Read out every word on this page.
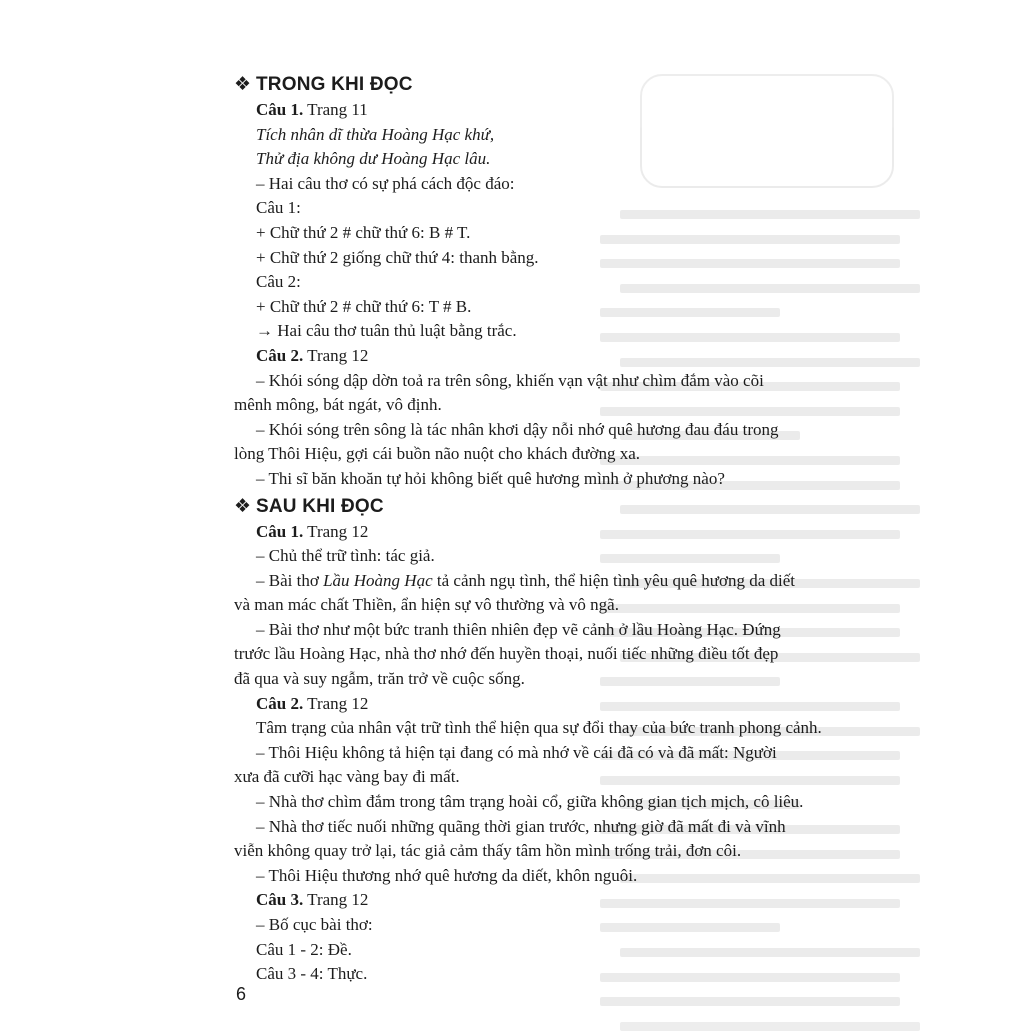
❖ TRONG KHI ĐỌC
Câu 1. Trang 11
Tích nhân dĩ thừa Hoàng Hạc khứ,
Thử địa không dư Hoàng Hạc lâu.
– Hai câu thơ có sự phá cách độc đáo:
Câu 1:
+ Chữ thứ 2 # chữ thứ 6: B # T.
+ Chữ thứ 2 giống chữ thứ 4: thanh bằng.
Câu 2:
+ Chữ thứ 2 # chữ thứ 6: T # B.
→ Hai câu thơ tuân thủ luật bằng trắc.
Câu 2. Trang 12
– Khói sóng dập dờn toả ra trên sông, khiến vạn vật như chìm đắm vào cõi
mênh mông, bát ngát, vô định.
– Khói sóng trên sông là tác nhân khơi dậy nỗi nhớ quê hương đau đáu trong
lòng Thôi Hiệu, gợi cái buồn não nuột cho khách đường xa.
– Thi sĩ băn khoăn tự hỏi không biết quê hương mình ở phương nào?
❖ SAU KHI ĐỌC
Câu 1. Trang 12
– Chủ thể trữ tình: tác giả.
– Bài thơ Lầu Hoàng Hạc tả cảnh ngụ tình, thể hiện tình yêu quê hương da diết
và man mác chất Thiền, ẩn hiện sự vô thường và vô ngã.
– Bài thơ như một bức tranh thiên nhiên đẹp vẽ cảnh ở lầu Hoàng Hạc. Đứng
trước lầu Hoàng Hạc, nhà thơ nhớ đến huyền thoại, nuối tiếc những điều tốt đẹp
đã qua và suy ngẫm, trăn trở về cuộc sống.
Câu 2. Trang 12
Tâm trạng của nhân vật trữ tình thể hiện qua sự đổi thay của bức tranh phong cảnh.
– Thôi Hiệu không tả hiện tại đang có mà nhớ về cái đã có và đã mất: Người
xưa đã cưỡi hạc vàng bay đi mất.
– Nhà thơ chìm đắm trong tâm trạng hoài cổ, giữa không gian tịch mịch, cô liêu.
– Nhà thơ tiếc nuối những quãng thời gian trước, nhưng giờ đã mất đi và vĩnh
viễn không quay trở lại, tác giả cảm thấy tâm hồn mình trống trải, đơn côi.
– Thôi Hiệu thương nhớ quê hương da diết, khôn nguôi.
Câu 3. Trang 12
– Bố cục bài thơ:
Câu 1 - 2: Đề.
Câu 3 - 4: Thực.
6
